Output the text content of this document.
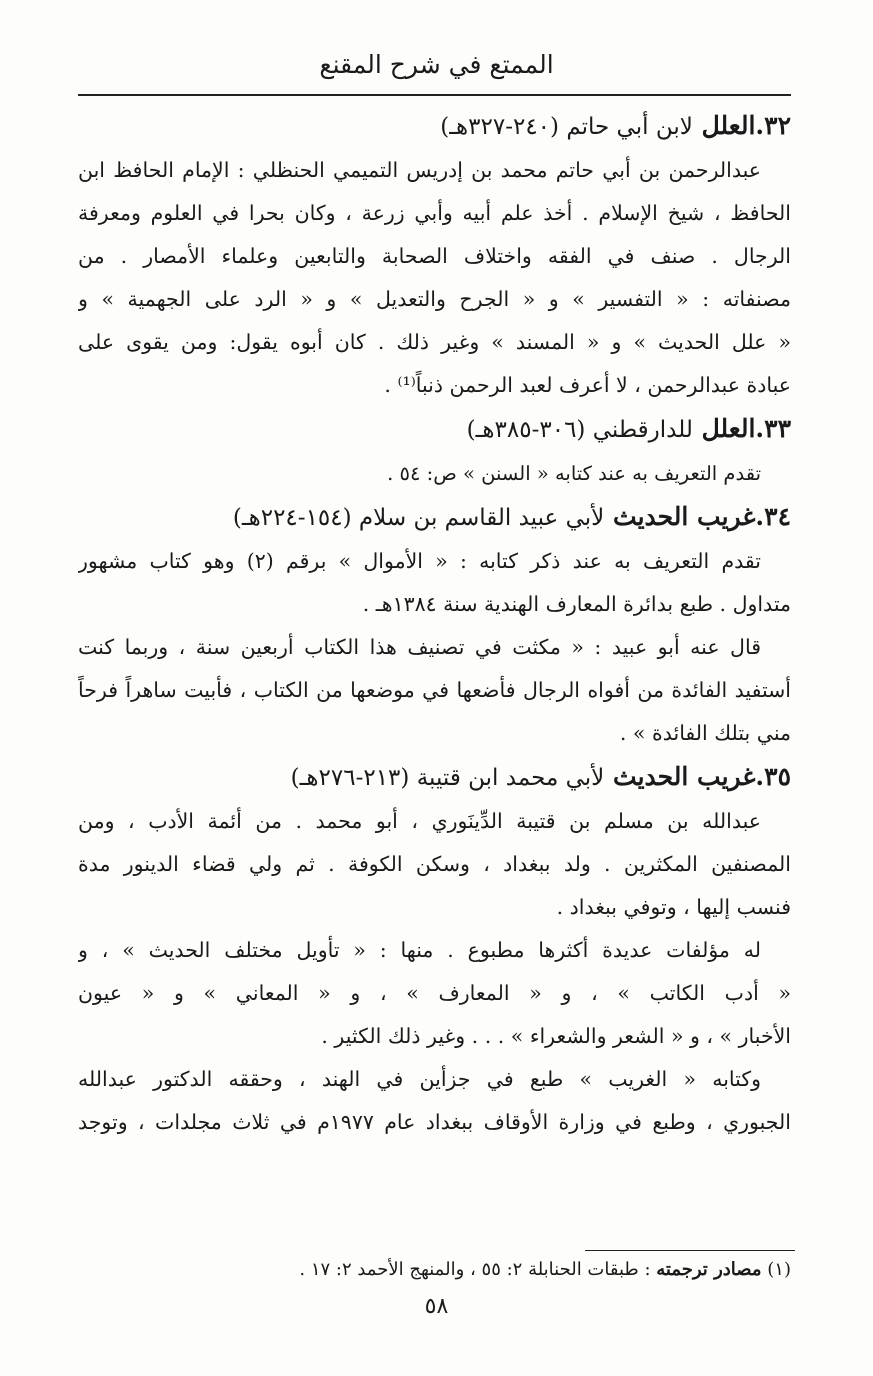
الممتع في شرح المقنع
٣٢.العلل لابن أبي حاتم (٢٤٠-٣٢٧هـ)
عبدالرحمن بن أبي حاتم محمد بن إدريس التميمي الحنظلي : الإمام الحافظ ابن
الحافظ ، شيخ الإسلام . أخذ علم أبيه وأبي زرعة ، وكان بحرا في العلوم ومعرفة
الرجال . صنف في الفقه واختلاف الصحابة والتابعين وعلماء الأمصار . من
مصنفاته : « التفسير » و « الجرح والتعديل » و « الرد على الجهمية » و
« علل الحديث » و « المسند » وغير ذلك . كان أبوه يقول: ومن يقوى على
عبادة عبدالرحمن ، لا أعرف لعبد الرحمن ذنباً⁽¹⁾ .
٣٣.العلل للدارقطني (٣٠٦-٣٨٥هـ)
تقدم التعريف به عند كتابه « السنن » ص: ٥٤ .
٣٤.غريب الحديث لأبي عبيد القاسم بن سلام (١٥٤-٢٢٤هـ)
تقدم التعريف به عند ذكر كتابه : « الأموال » برقم (٢) وهو كتاب مشهور
متداول . طبع بدائرة المعارف الهندية سنة ١٣٨٤هـ .
قال عنه أبو عبيد : « مكثت في تصنيف هذا الكتاب أربعين سنة ، وربما كنت
أستفيد الفائدة من أفواه الرجال فأضعها في موضعها من الكتاب ، فأبيت ساهراً فرحاً
مني بتلك الفائدة » .
٣٥.غريب الحديث لأبي محمد ابن قتيبة (٢١٣-٢٧٦هـ)
عبدالله بن مسلم بن قتيبة الدِّينَوري ، أبو محمد . من أئمة الأدب ، ومن
المصنفين المكثرين . ولد ببغداد ، وسكن الكوفة . ثم ولي قضاء الدينور مدة
فنسب إليها ، وتوفي ببغداد .
له مؤلفات عديدة أكثرها مطبوع . منها : « تأويل مختلف الحديث » ، و
« أدب الكاتب » ، و « المعارف » ، و « المعاني » و « عيون
الأخبار » ، و « الشعر والشعراء » . . . وغير ذلك الكثير .
وكتابه « الغريب » طبع في جزأين في الهند ، وحققه الدكتور عبدالله
الجبوري ، وطبع في وزارة الأوقاف ببغداد عام ١٩٧٧م في ثلاث مجلدات ، وتوجد
(١) مصادر ترجمته : طبقات الحنابلة ٢: ٥٥ ، والمنهج الأحمد ٢: ١٧ .
٥٨
